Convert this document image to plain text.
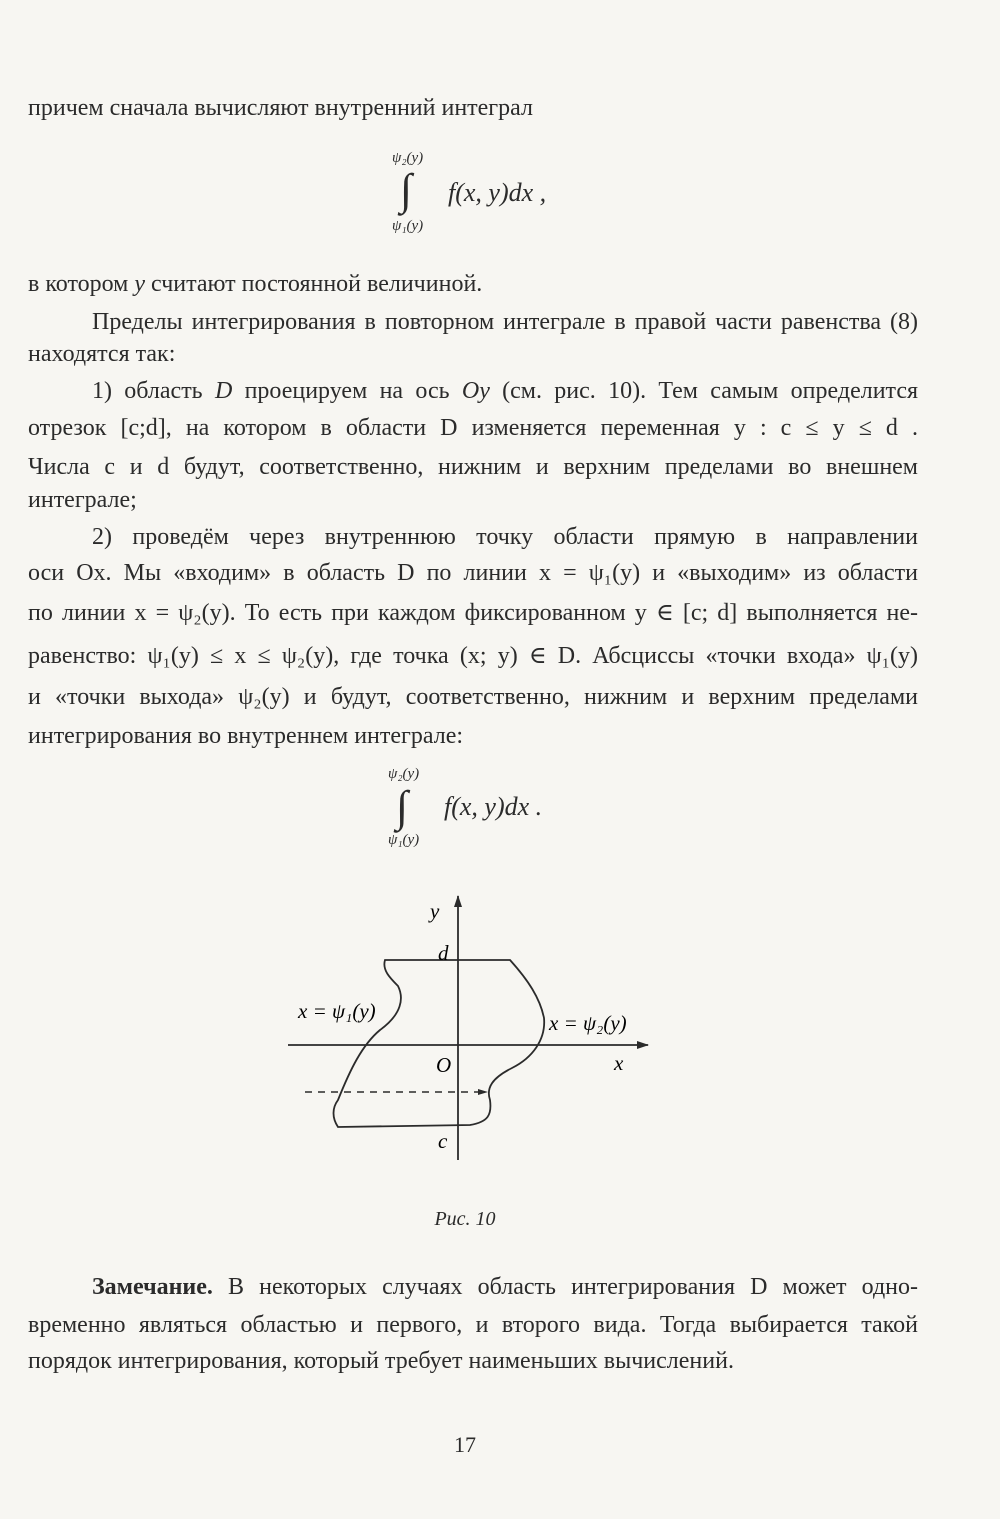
причем сначала вычисляют внутренний интеграл
ψ₂(y)
∫
ψ₁(y)
f(x, y)dx ,
в котором y считают постоянной величиной.
Пределы интегрирования в повторном интеграле в правой части равенства (8)
находятся так:
1) область D проецируем на ось Oy (см. рис. 10). Тем самым определится
отрезок [c;d], на котором в области D изменяется переменная y : c ≤ y ≤ d .
Числа c и d будут, соответственно, нижним и верхним пределами во внешнем
интеграле;
2) проведём через внутреннюю точку области прямую в направлении
оси Ox. Мы «входим» в область D по линии x = ψ₁(y) и «выходим» из области
по линии x = ψ₂(y). То есть при каждом фиксированном y ∈ [c; d] выполняется не-
равенство: ψ₁(y) ≤ x ≤ ψ₂(y), где точка (x; y) ∈ D. Абсциссы «точки входа» ψ₁(y)
и «точки выхода» ψ₂(y) и будут, соответственно, нижним и верхним пределами
интегрирования во внутреннем интеграле:
ψ₂(y)
∫
ψ₁(y)
f(x, y)dx .
y
x
O
d
c
x = ψ₁(y)	x = ψ₂(y)
Рис. 10
Замечание. В некоторых случаях область интегрирования D может одно-
временно являться областью и первого, и второго вида. Тогда выбирается такой
порядок интегрирования, который требует наименьших вычислений.
17
